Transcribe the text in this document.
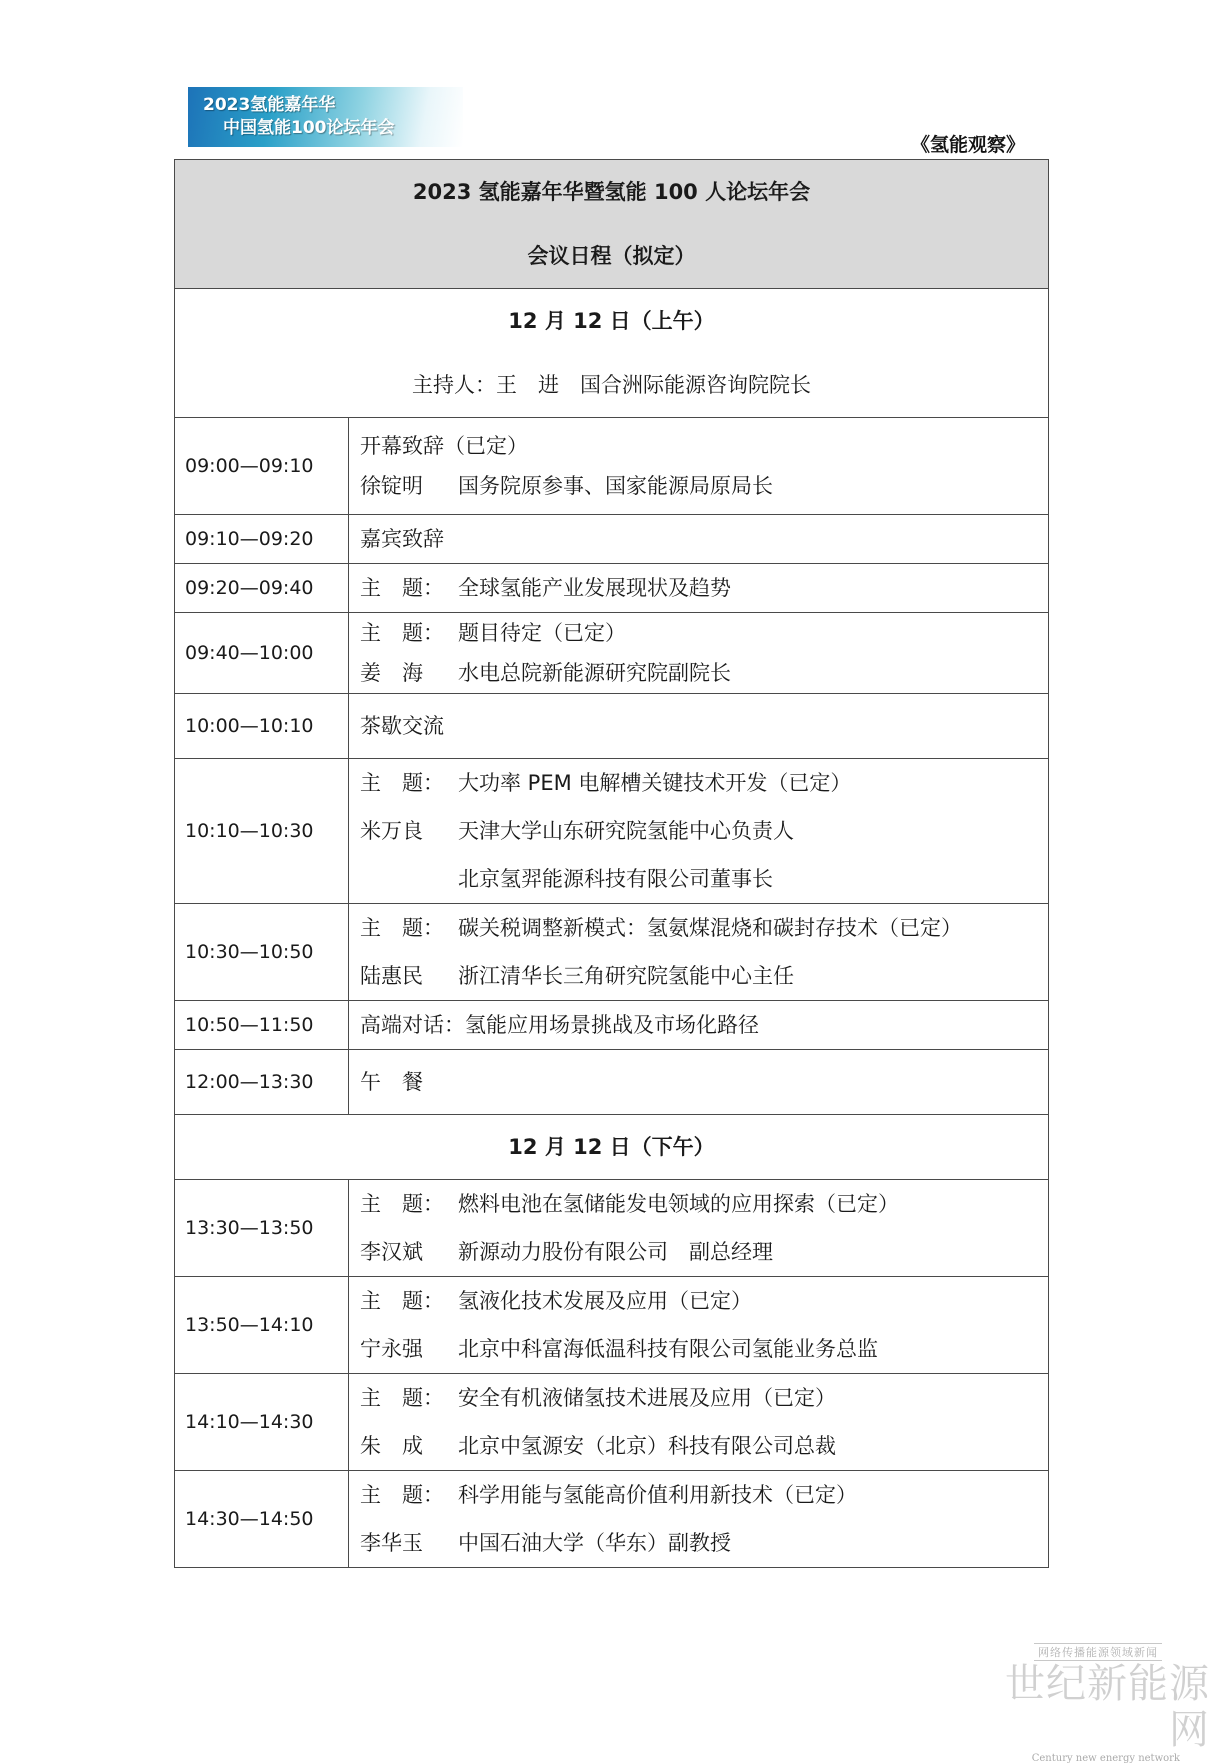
2023氢能嘉年华
中国氢能100论坛年会
《氢能观察》
2023 氢能嘉年华暨氢能 100 人论坛年会
会议日程（拟定）	

12 月 12 日（上午）
主持人：王　进　国合洲际能源咨询院院长	

09:00—09:10	开幕致辞（已定）
徐锭明 国务院原参事、国家能源局原局长

09:10—09:20	嘉宾致辞

09:20—09:40	主　题： 全球氢能产业发展现状及趋势

09:40—10:00	主　题： 题目待定（已定）
姜　海 水电总院新能源研究院副院长

10:00—10:10	茶歇交流

10:10—10:30	主　题： 大功率 PEM 电解槽关键技术开发（已定）
米万良 天津大学山东研究院氢能中心负责人
北京氢羿能源科技有限公司董事长

10:30—10:50	主　题： 碳关税调整新模式：氢氨煤混烧和碳封存技术（已定）
陆惠民 浙江清华长三角研究院氢能中心主任

10:50—11:50	高端对话： 氢能应用场景挑战及市场化路径

12:00—13:30	午　餐

12 月 12 日（下午）	

13:30—13:50	主　题： 燃料电池在氢储能发电领域的应用探索（已定）
李汉斌 新源动力股份有限公司　副总经理

13:50—14:10	主　题： 氢液化技术发展及应用（已定）
宁永强 北京中科富海低温科技有限公司氢能业务总监

14:10—14:30	主　题： 安全有机液储氢技术进展及应用（已定）
朱　成 北京中氢源安（北京）科技有限公司总裁

14:30—14:50	主　题： 科学用能与氢能高价值利用新技术（已定）
李华玉 中国石油大学（华东）副教授
网络传播能源领域新闻
世纪新能源网
Century new energy network
